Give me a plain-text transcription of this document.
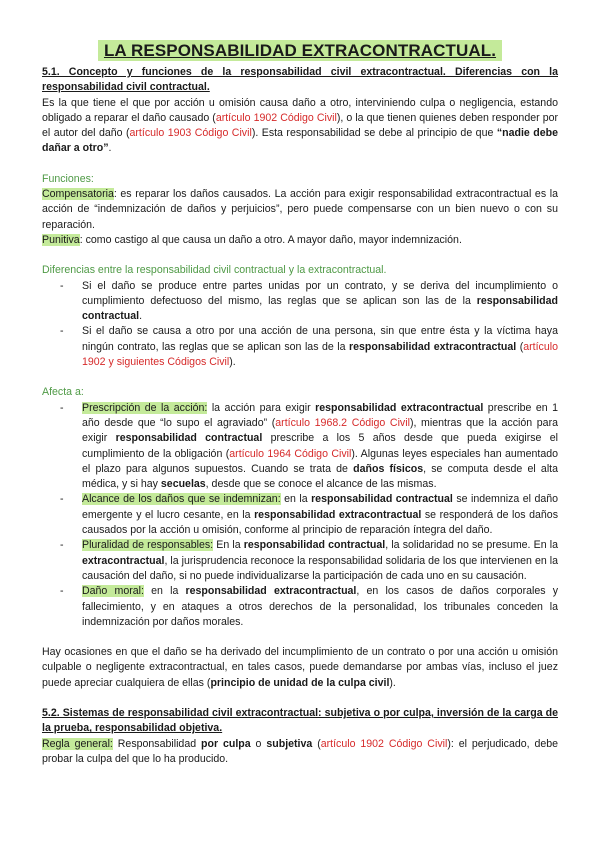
LA RESPONSABILIDAD EXTRACONTRACTUAL.

5.1. Concepto y funciones de la responsabilidad civil extracontractual. Diferencias con la responsabilidad civil contractual.

Es la que tiene el que por acción u omisión causa daño a otro, interviniendo culpa o negligencia, estando obligado a reparar el daño causado (artículo 1902 Código Civil), o la que tienen quienes deben responder por el autor del daño (artículo 1903 Código Civil). Esta responsabilidad se debe al principio de que “nadie debe dañar a otro”.

Funciones:

Compensatoria: es reparar los daños causados. La acción para exigir responsabilidad extracontractual es la acción de “indemnización de daños y perjuicios”, pero puede compensarse con un bien nuevo o con su reparación.

Punitiva: como castigo al que causa un daño a otro. A mayor daño, mayor indemnización.

Diferencias entre la responsabilidad civil contractual y la extracontractual.

- Si el daño se produce entre partes unidas por un contrato, y se deriva del incumplimiento o cumplimiento defectuoso del mismo, las reglas que se aplican son las de la responsabilidad contractual.
- Si el daño se causa a otro por una acción de una persona, sin que entre ésta y la víctima haya ningún contrato, las reglas que se aplican son las de la responsabilidad extracontractual (artículo 1902 y siguientes Códigos Civil).

Afecta a:

- Prescripción de la acción: la acción para exigir responsabilidad extracontractual prescribe en 1 año desde que “lo supo el agraviado” (artículo 1968.2 Código Civil), mientras que la acción para exigir responsabilidad contractual prescribe a los 5 años desde que pueda exigirse el cumplimiento de la obligación (artículo 1964 Código Civil). Algunas leyes especiales han aumentado el plazo para algunos supuestos. Cuando se trata de daños físicos, se computa desde el alta médica, y si hay secuelas, desde que se conoce el alcance de las mismas.
- Alcance de los daños que se indemnizan: en la responsabilidad contractual se indemniza el daño emergente y el lucro cesante, en la responsabilidad extracontractual se responderá de los daños causados por la acción u omisión, conforme al principio de reparación íntegra del daño.
- Pluralidad de responsables: En la responsabilidad contractual, la solidaridad no se presume. En la extracontractual, la jurisprudencia reconoce la responsabilidad solidaria de los que intervienen en la causación del daño, si no puede individualizarse la participación de cada uno en su causación.
- Daño moral: en la responsabilidad extracontractual, en los casos de daños corporales y fallecimiento, y en ataques a otros derechos de la personalidad, los tribunales conceden la indemnización por daños morales.

Hay ocasiones en que el daño se ha derivado del incumplimiento de un contrato o por una acción u omisión culpable o negligente extracontractual, en tales casos, puede demandarse por ambas vías, incluso el juez puede apreciar cualquiera de ellas (principio de unidad de la culpa civil).

5.2. Sistemas de responsabilidad civil extracontractual: subjetiva o por culpa, inversión de la carga de la prueba, responsabilidad objetiva.

Regla general: Responsabilidad por culpa o subjetiva (artículo 1902 Código Civil): el perjudicado, debe probar la culpa del que lo ha producido.
